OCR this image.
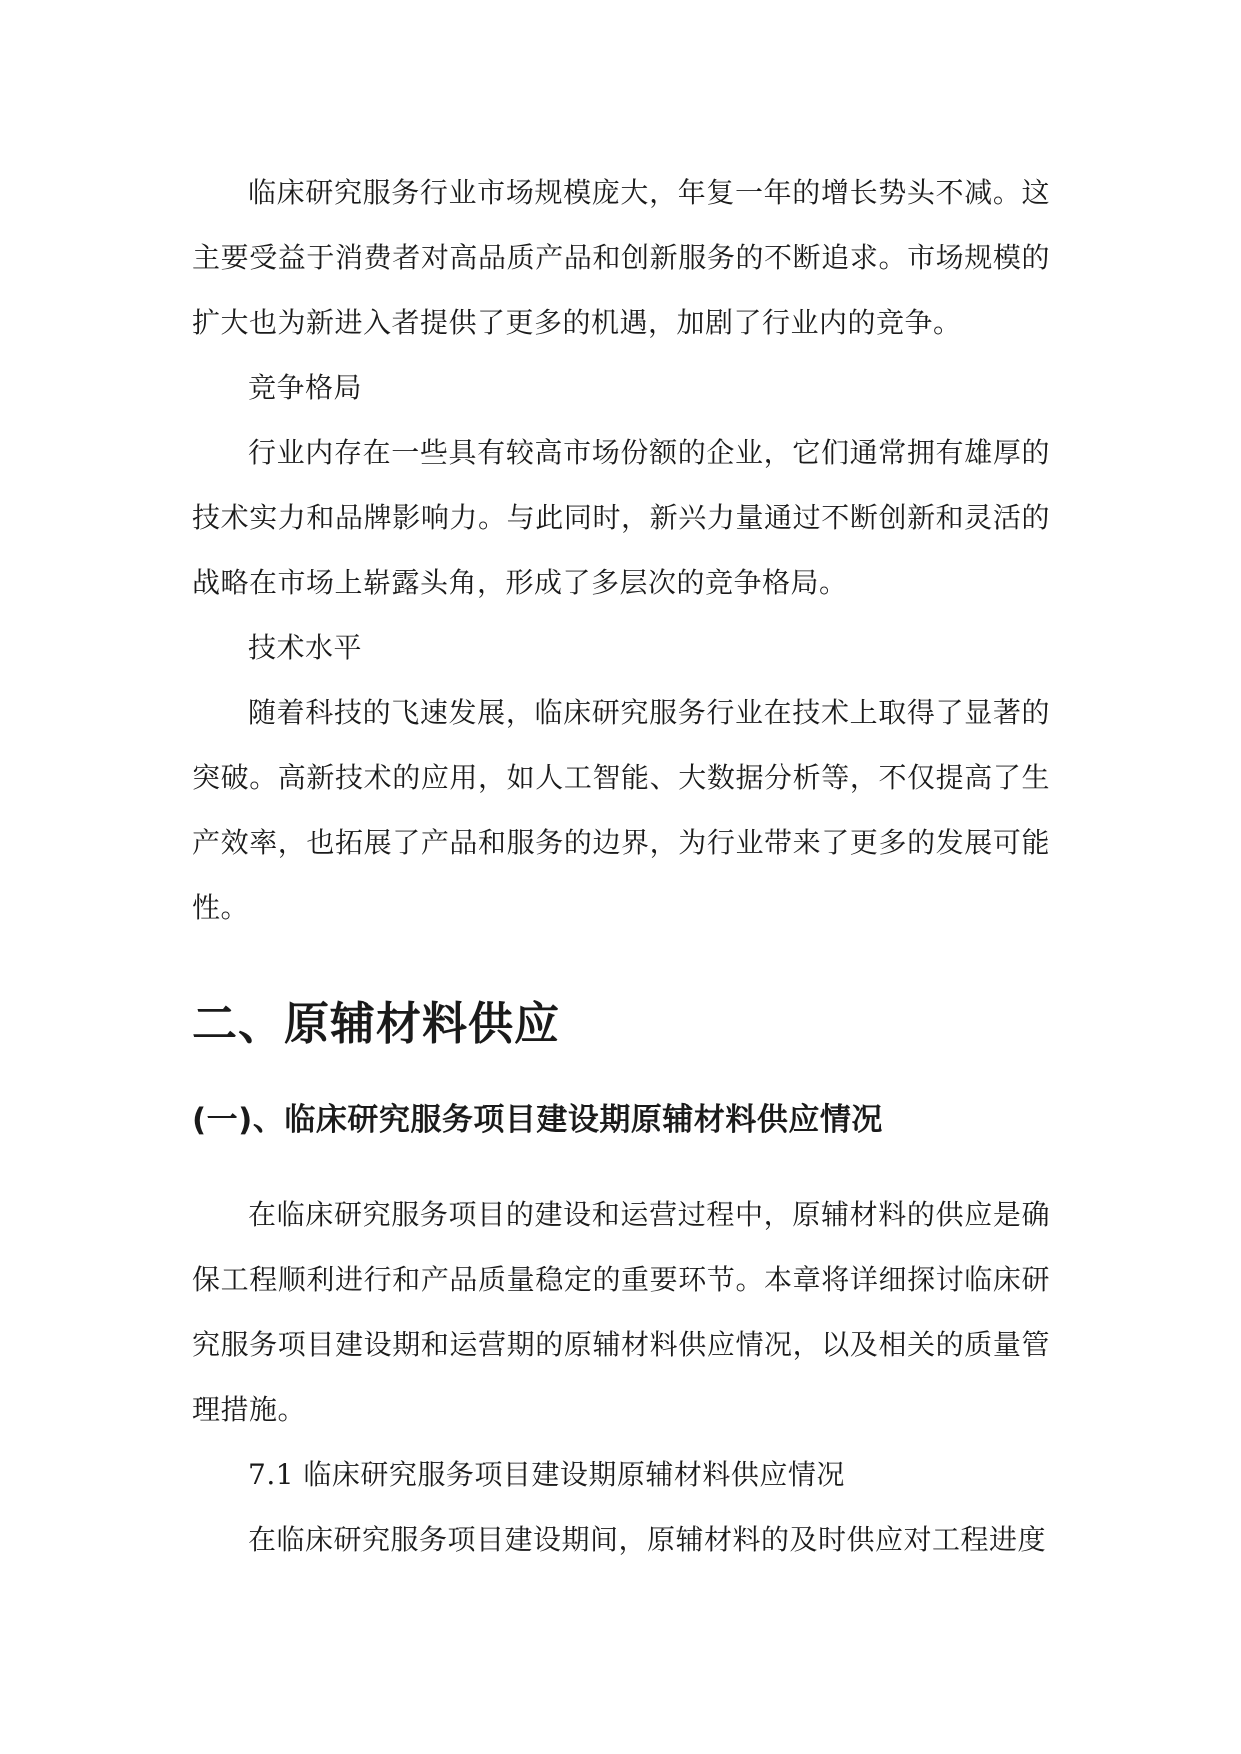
临床研究服务行业市场规模庞大，年复一年的增长势头不减。这主要受益于消费者对高品质产品和创新服务的不断追求。市场规模的扩大也为新进入者提供了更多的机遇，加剧了行业内的竞争。

竞争格局

行业内存在一些具有较高市场份额的企业，它们通常拥有雄厚的技术实力和品牌影响力。与此同时，新兴力量通过不断创新和灵活的战略在市场上崭露头角，形成了多层次的竞争格局。

技术水平

随着科技的飞速发展，临床研究服务行业在技术上取得了显著的突破。高新技术的应用，如人工智能、大数据分析等，不仅提高了生产效率，也拓展了产品和服务的边界，为行业带来了更多的发展可能性。

二、原辅材料供应
(一)、临床研究服务项目建设期原辅材料供应情况

在临床研究服务项目的建设和运营过程中，原辅材料的供应是确保工程顺利进行和产品质量稳定的重要环节。本章将详细探讨临床研究服务项目建设期和运营期的原辅材料供应情况，以及相关的质量管理措施。

7.1 临床研究服务项目建设期原辅材料供应情况

在临床研究服务项目建设期间，原辅材料的及时供应对工程进度
